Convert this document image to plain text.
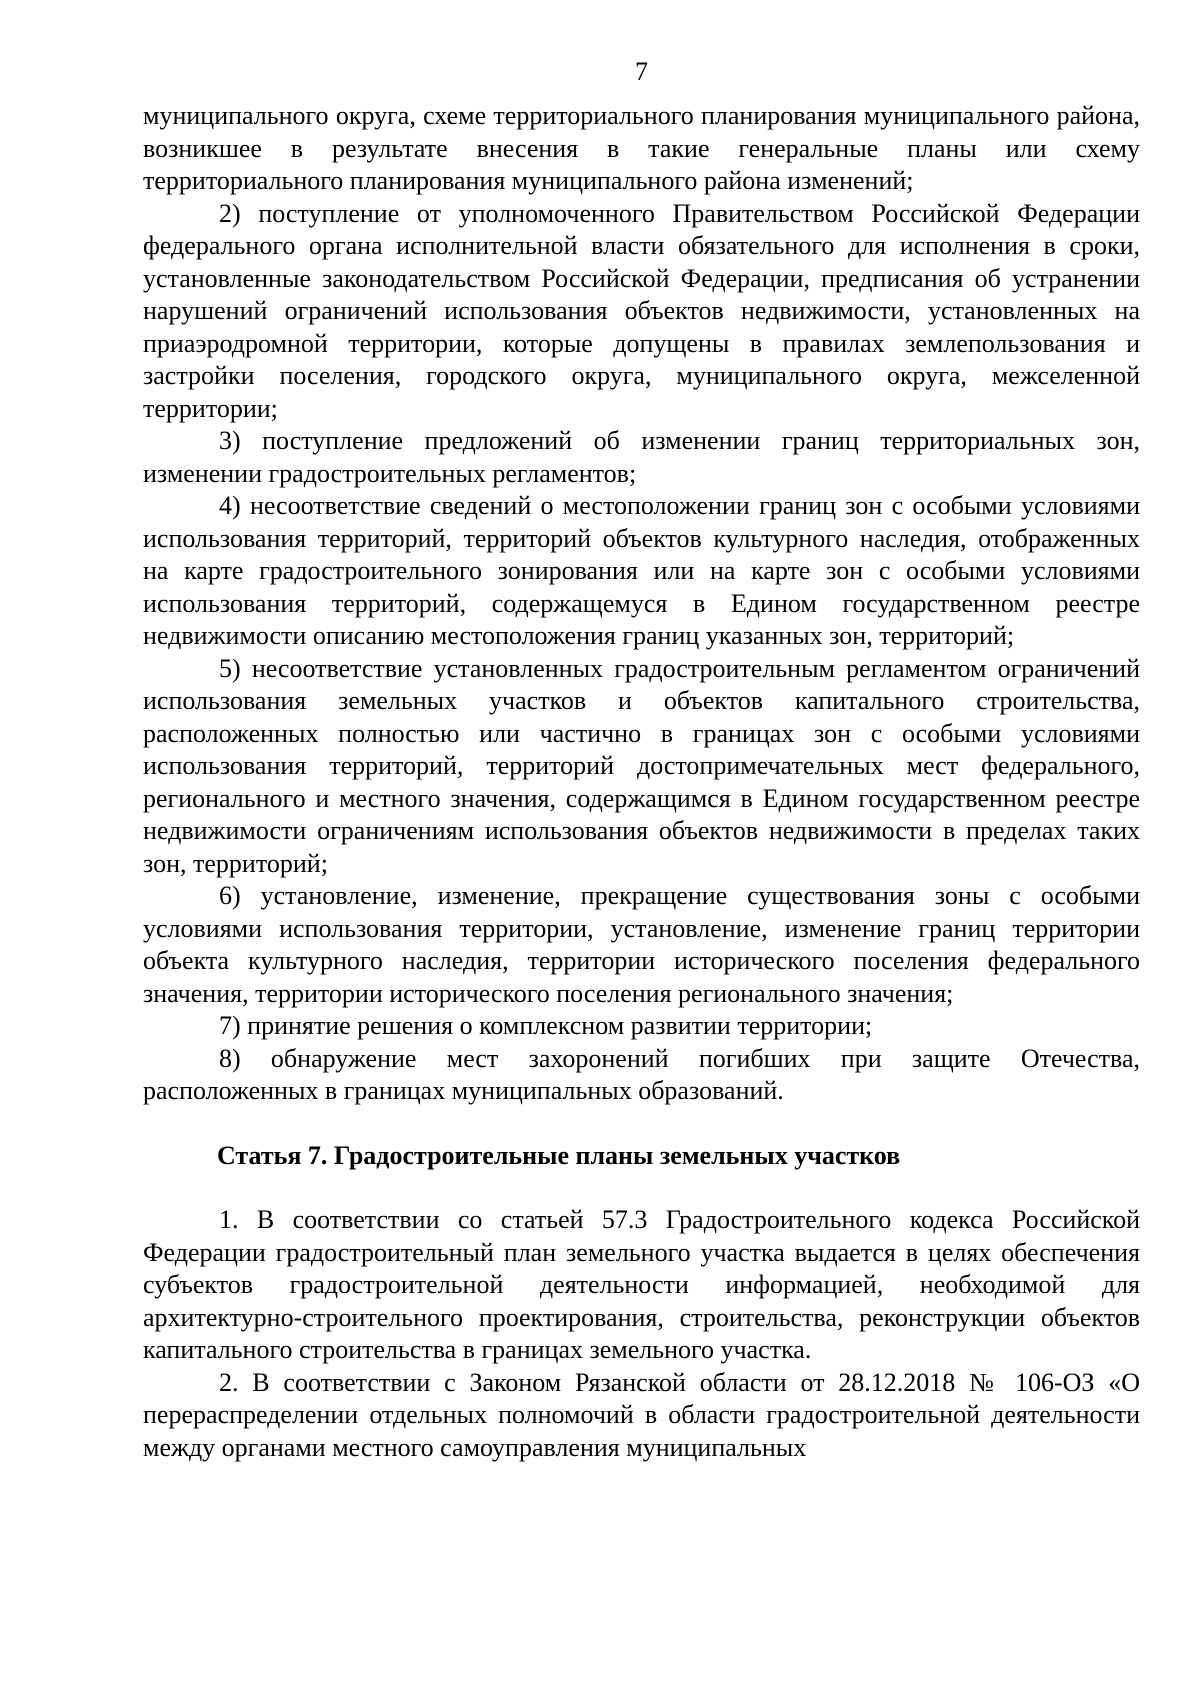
7

муниципального округа, схеме территориального планирования муниципального района, возникшее в результате внесения в такие генеральные планы или схему территориального планирования муниципального района изменений;

2) поступление от уполномоченного Правительством Российской Федерации федерального органа исполнительной власти обязательного для исполнения в сроки, установленные законодательством Российской Федерации, предписания об устранении нарушений ограничений использования объектов недвижимости, установленных на приаэродромной территории, которые допущены в правилах землепользования и застройки поселения, городского округа, муниципального округа, межселенной территории;

3) поступление предложений об изменении границ территориальных зон, изменении градостроительных регламентов;

4) несоответствие сведений о местоположении границ зон с особыми условиями использования территорий, территорий объектов культурного наследия, отображенных на карте градостроительного зонирования или на карте зон с особыми условиями использования территорий, содержащемуся в Едином государственном реестре недвижимости описанию местоположения границ указанных зон, территорий;

5) несоответствие установленных градостроительным регламентом ограничений использования земельных участков и объектов капитального строительства, расположенных полностью или частично в границах зон с особыми условиями использования территорий, территорий достопримечательных мест федерального, регионального и местного значения, содержащимся в Едином государственном реестре недвижимости ограничениям использования объектов недвижимости в пределах таких зон, территорий;

6) установление, изменение, прекращение существования зоны с особыми условиями использования территории, установление, изменение границ территории объекта культурного наследия, территории исторического поселения федерального значения, территории исторического поселения регионального значения;

7) принятие решения о комплексном развитии территории;

8) обнаружение мест захоронений погибших при защите Отечества, расположенных в границах муниципальных образований.

Статья 7. Градостроительные планы земельных участков

1. В соответствии со статьей 57.3 Градостроительного кодекса Российской Федерации градостроительный план земельного участка выдается в целях обеспечения субъектов градостроительной деятельности информацией, необходимой для архитектурно-строительного проектирования, строительства, реконструкции объектов капитального строительства в границах земельного участка.

2. В соответствии с Законом Рязанской области от 28.12.2018 № 106-ОЗ «О перераспределении отдельных полномочий в области градостроительной деятельности между органами местного самоуправления муниципальных
